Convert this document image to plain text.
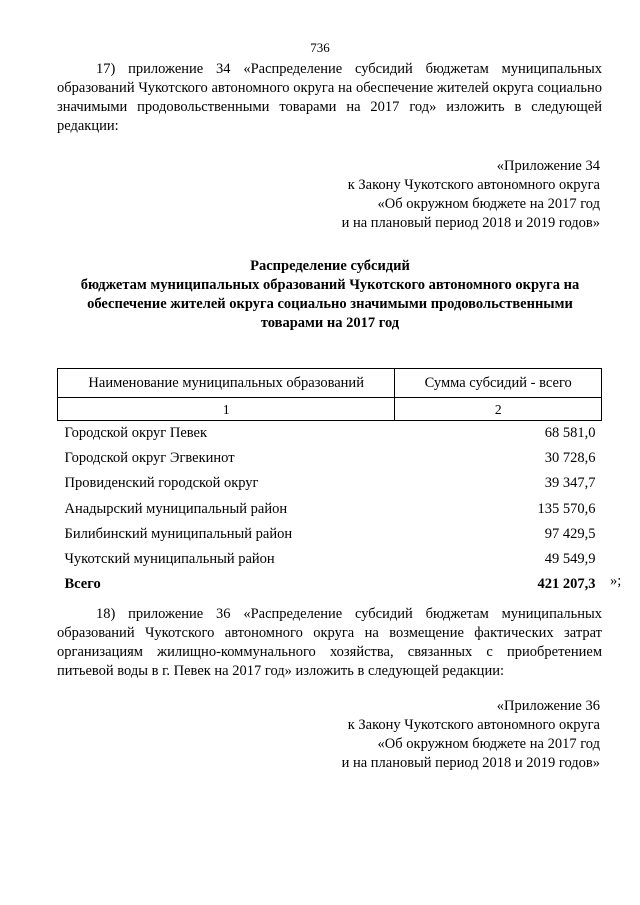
736

17) приложение 34 «Распределение субсидий бюджетам муниципальных образований Чукотского автономного округа на обеспечение жителей округа социально значимыми продовольственными товарами на 2017 год» изложить в следующей редакции:

«Приложение 34
к Закону Чукотского автономного округа
«Об окружном бюджете на 2017 год
и на плановый период 2018 и 2019 годов»
Распределение субсидий
бюджетам муниципальных образований Чукотского автономного округа на
обеспечение жителей округа социально значимыми продовольственными
товарами на 2017 год
Наименование муниципальных образований	Сумма субсидий - всего
1	2
Городской округ Певек	68 581,0
Городской округ Эгвекинот	30 728,6
Провиденский городской округ	39 347,7
Анадырский муниципальный район	135 570,6
Билибинский муниципальный район	97 429,5
Чукотский муниципальный район	49 549,9
Всего	421 207,3 »;

18) приложение 36 «Распределение субсидий бюджетам муниципальных образований Чукотского автономного округа на возмещение фактических затрат организациям жилищно-коммунального хозяйства, связанных с приобретением питьевой воды в г. Певек на 2017 год» изложить в следующей редакции:

«Приложение 36
к Закону Чукотского автономного округа
«Об окружном бюджете на 2017 год
и на плановый период 2018 и 2019 годов»
